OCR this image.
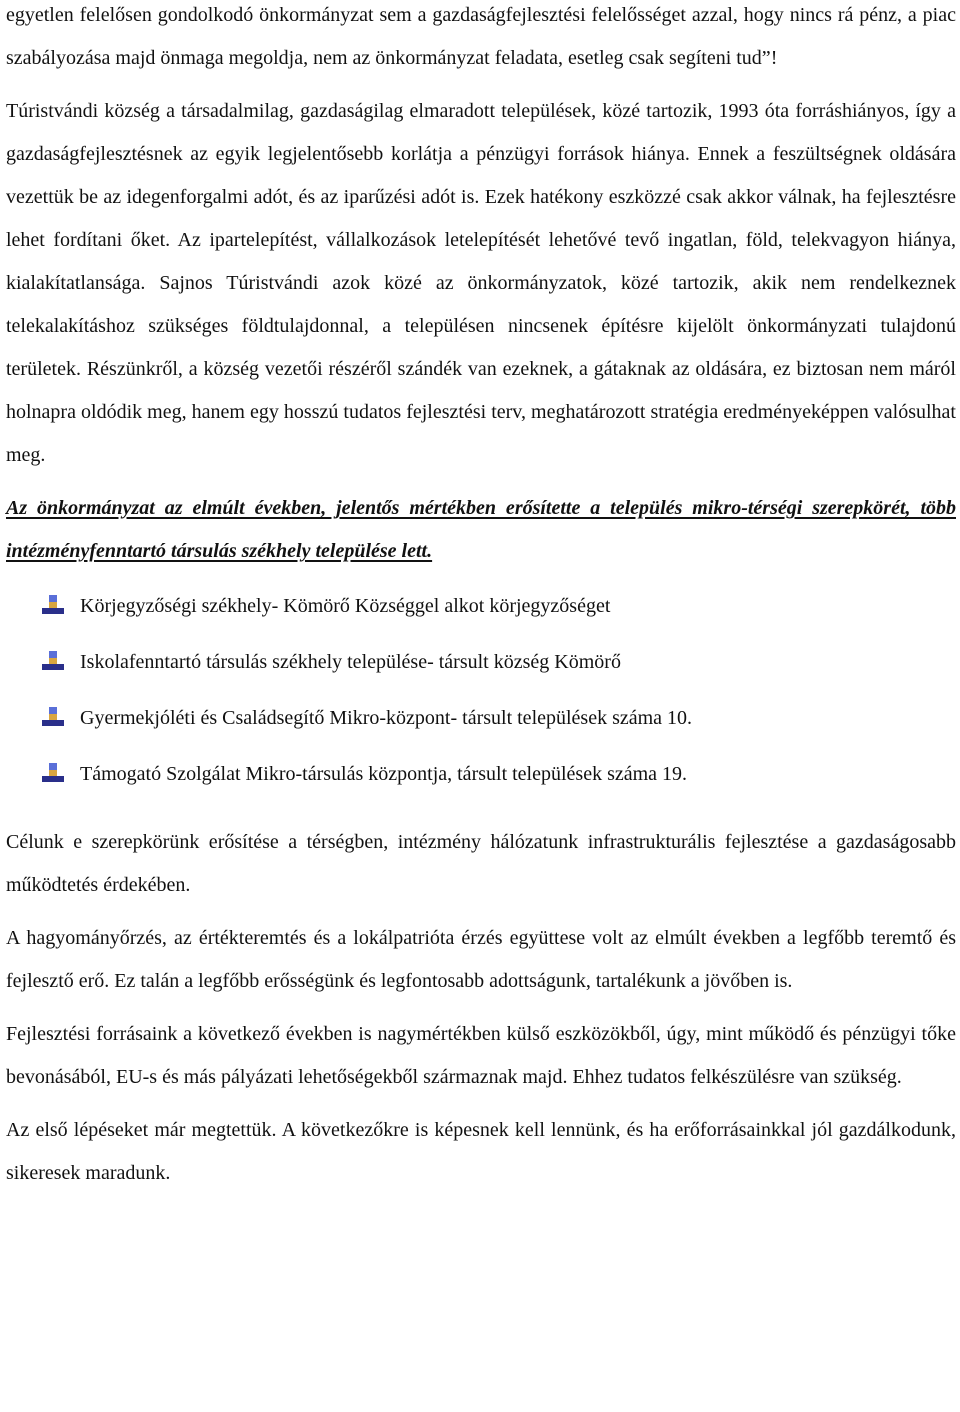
egyetlen felelősen gondolkodó önkormányzat sem a gazdaságfejlesztési felelősséget azzal, hogy nincs rá pénz, a piac szabályozása majd önmaga megoldja, nem az önkormányzat feladata, esetleg csak segíteni tud”!

Túristvándi község a társadalmilag, gazdaságilag elmaradott települések, közé tartozik, 1993 óta forráshiányos, így a gazdaságfejlesztésnek az egyik legjelentősebb korlátja a pénzügyi források hiánya. Ennek a feszültségnek oldására vezettük be az idegenforgalmi adót, és az iparűzési adót is. Ezek hatékony eszközzé csak akkor válnak, ha fejlesztésre lehet fordítani őket. Az ipartelepítést, vállalkozások letelepítését lehetővé tevő ingatlan, föld, telekvagyon hiánya, kialakítatlansága. Sajnos Túristvándi azok közé az önkormányzatok, közé tartozik, akik nem rendelkeznek telekalakításhoz szükséges földtulajdonnal, a településen nincsenek építésre kijelölt önkormányzati tulajdonú területek. Részünkről, a község vezetői részéről szándék van ezeknek, a gátaknak az oldására, ez biztosan nem máról holnapra oldódik meg, hanem egy hosszú tudatos fejlesztési terv, meghatározott stratégia eredményeképpen valósulhat meg.

Az önkormányzat az elmúlt években, jelentős mértékben erősítette a település mikro-térségi szerepkörét, több intézményfenntartó társulás székhely települése lett.

Körjegyzőségi székhely- Kömörő Községgel alkot körjegyzőséget
Iskolafenntartó társulás székhely települése- társult község Kömörő
Gyermekjóléti és Családsegítő Mikro-központ- társult települések száma 10.
Támogató Szolgálat Mikro-társulás központja, társult települések száma 19.

Célunk e szerepkörünk erősítése a térségben, intézmény hálózatunk infrastrukturális fejlesztése a gazdaságosabb működtetés érdekében.

A hagyományőrzés, az értékteremtés és a lokálpatrióta érzés együttese volt az elmúlt években a legfőbb teremtő és fejlesztő erő. Ez talán a legfőbb erősségünk és legfontosabb adottságunk, tartalékunk a jövőben is.

Fejlesztési forrásaink a következő években is nagymértékben külső eszközökből, úgy, mint működő és pénzügyi tőke bevonásából, EU-s és más pályázati lehetőségekből származnak majd. Ehhez tudatos felkészülésre van szükség.

Az első lépéseket már megtettük. A következőkre is képesnek kell lennünk, és ha erőforrásainkkal jól gazdálkodunk, sikeresek maradunk.
